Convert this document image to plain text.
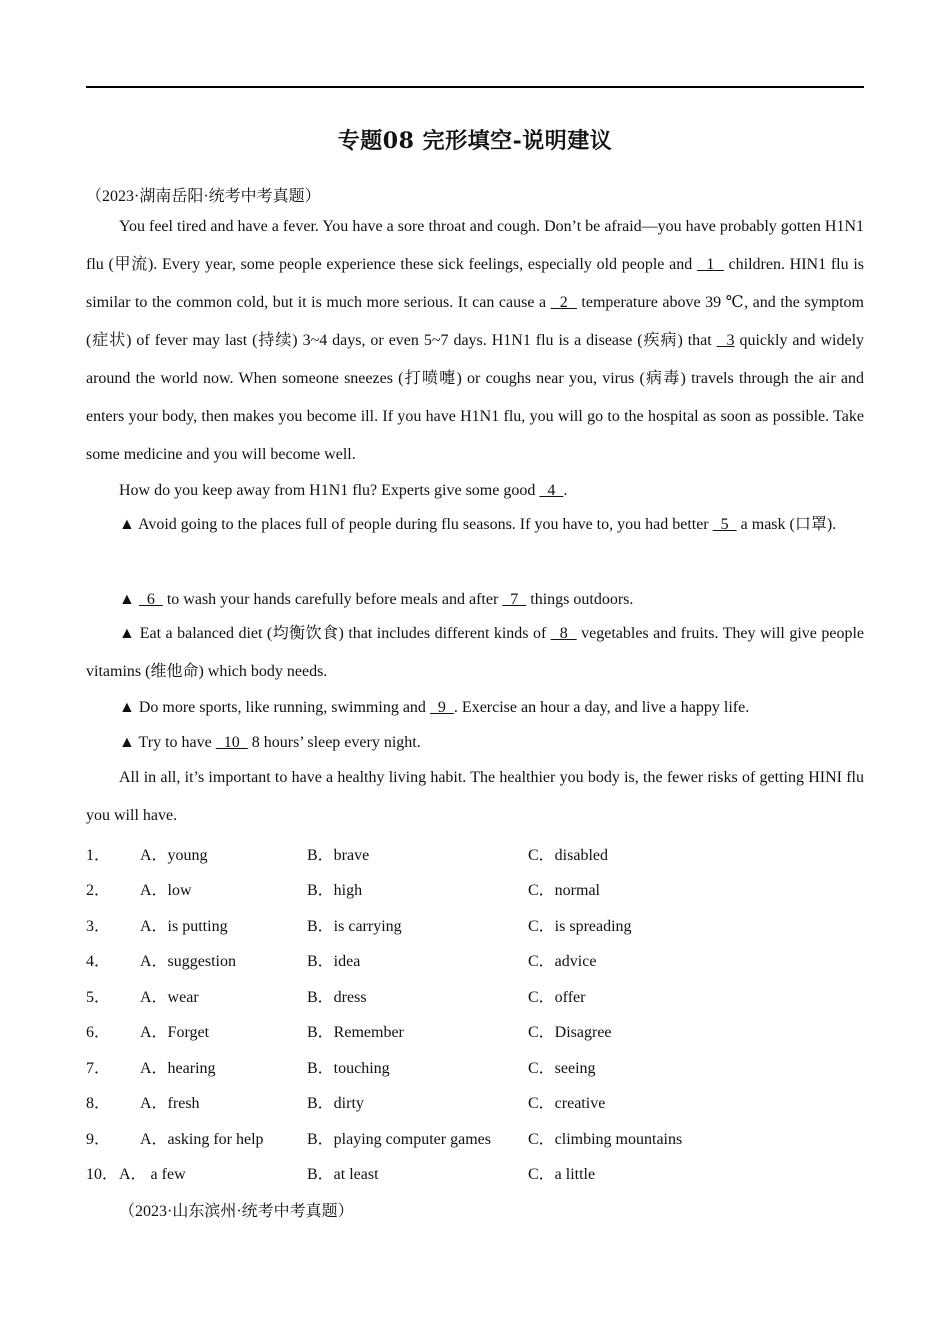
专题08 完形填空-说明建议
（2023·湖南岳阳·统考中考真题）
You feel tired and have a fever. You have a sore throat and cough. Don’t be afraid—you have probably gotten H1N1 flu (甲流). Every year, some people experience these sick feelings, especially old people and   1   children. HIN1 flu is similar to the common cold, but it is much more serious. It can cause a   2   temperature above 39 ℃, and the symptom (症状) of fever may last (持续) 3~4 days, or even 5~7 days. H1N1 flu is a disease (疾病) that   3 quickly and widely around the world now. When someone sneezes (打喷嚏) or coughs near you, virus (病毒) travels through the air and enters your body, then makes you become ill. If you have H1N1 flu, you will go to the hospital as soon as possible. Take some medicine and you will become well.
How do you keep away from H1N1 flu? Experts give some good   4  .
▲ Avoid going to the places full of people during flu seasons. If you have to, you had better   5   a mask (口罩).
▲   6   to wash your hands carefully before meals and after   7   things outdoors.
▲ Eat a balanced diet (均衡饮食) that includes different kinds of   8   vegetables and fruits. They will give people vitamins (维他命) which body needs.
▲ Do more sports, like running, swimming and   9  . Exercise an hour a day, and live a happy life.
▲ Try to have   10   8 hours’ sleep every night.
All in all, it’s important to have a healthy living habit. The healthier you body is, the fewer risks of getting HINI flu you will have.
1． A．young	B．brave	C．disabled
2． A．low	B．high	C．normal
3． A．is putting	B．is carrying	C．is spreading
4． A．suggestion	B．idea	C．advice
5． A．wear	B．dress	C．offer
6． A．Forget	B．Remember	C．Disagree
7． A．hearing	B．touching	C．seeing
8． A．fresh	B．dirty	C．creative
9． A．asking for help	B．playing computer games C．climbing mountains
10． A． a few	B．at least	C．a little
（2023·山东滨州·统考中考真题）
